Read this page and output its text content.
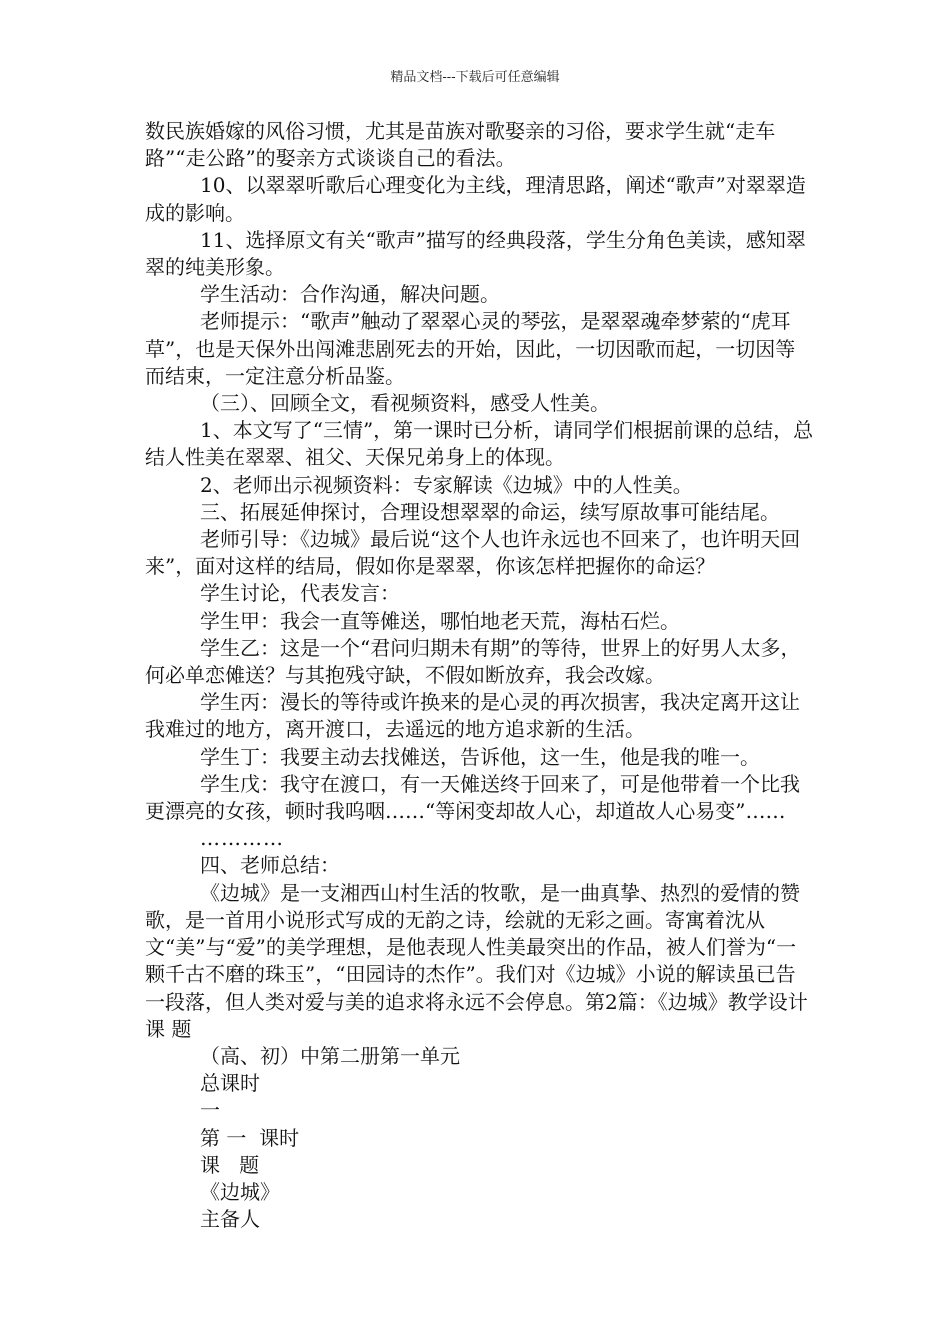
精品文档---下载后可任意编辑

数民族婚嫁的风俗习惯，尤其是苗族对歌娶亲的习俗，要求学生就“走车路”“走公路”的娶亲方式谈谈自己的看法。

10、以翠翠听歌后心理变化为主线，理清思路，阐述“歌声”对翠翠造成的影响。

11、选择原文有关“歌声”描写的经典段落，学生分角色美读，感知翠翠的纯美形象。

学生活动：合作沟通，解决问题。

老师提示：“歌声”触动了翠翠心灵的琴弦，是翠翠魂牵梦萦的“虎耳草”，也是天保外出闯滩悲剧死去的开始，因此，一切因歌而起，一切因等而结束，一定注意分析品鉴。

（三）、回顾全文，看视频资料，感受人性美。

1、本文写了“三情”，第一课时已分析，请同学们根据前课的总结，总结人性美在翠翠、祖父、天保兄弟身上的体现。

2、老师出示视频资料：专家解读《边城》中的人性美。

三、拓展延伸探讨，合理设想翠翠的命运，续写原故事可能结尾。

老师引导：《边城》最后说“这个人也许永远也不回来了，也许明天回来”，面对这样的结局，假如你是翠翠，你该怎样把握你的命运？

学生讨论，代表发言：

学生甲：我会一直等傩送，哪怕地老天荒，海枯石烂。

学生乙：这是一个“君问归期未有期”的等待，世界上的好男人太多，何必单恋傩送？与其抱残守缺，不假如断放弃，我会改嫁。

学生丙：漫长的等待或许换来的是心灵的再次损害，我决定离开这让我难过的地方，离开渡口，去遥远的地方追求新的生活。

学生丁：我要主动去找傩送，告诉他，这一生，他是我的唯一。

学生戊：我守在渡口，有一天傩送终于回来了，可是他带着一个比我更漂亮的女孩，顿时我呜咽……“等闲变却故人心，却道故人心易变”……

…………

四、老师总结：

《边城》是一支湘西山村生活的牧歌，是一曲真挚、热烈的爱情的赞歌，是一首用小说形式写成的无韵之诗，绘就的无彩之画。寄寓着沈从文“美”与“爱”的美学理想，是他表现人性美最突出的作品，被人们誉为“一颗千古不磨的珠玉”，“田园诗的杰作”。我们对《边城》小说的解读虽已告一段落，但人类对爱与美的追求将永远不会停息。第2篇：《边城》教学设计课 题

（高、初）中第二册第一单元

总课时

一

第 一  课时

课   题

《边城》

主备人
